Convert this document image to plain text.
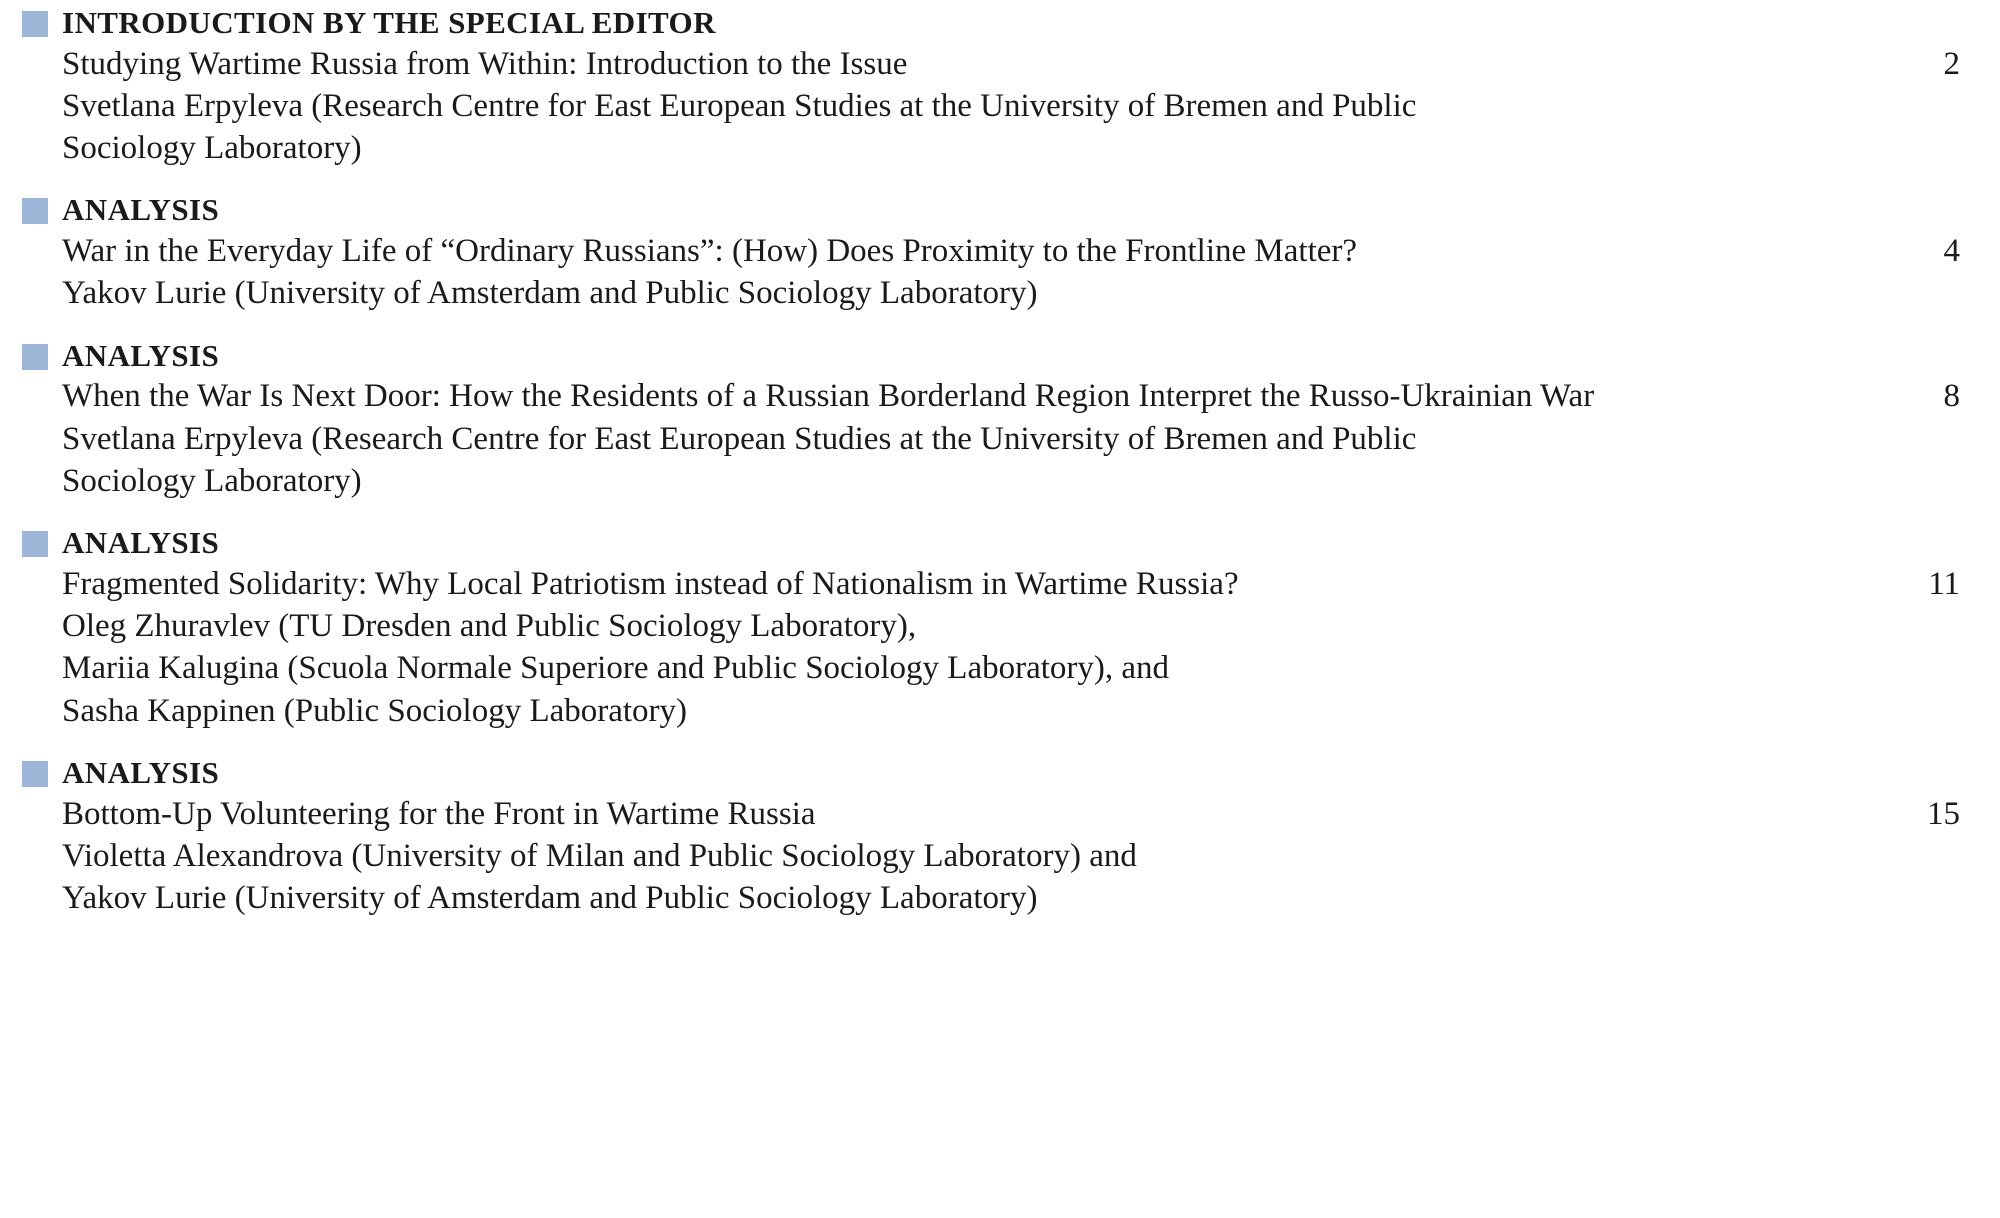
INTRODUCTION BY THE SPECIAL EDITOR
Studying Wartime Russia from Within: Introduction to the Issue	2
Svetlana Erpyleva (Research Centre for East European Studies at the University of Bremen and Public
Sociology Laboratory)
ANALYSIS
War in the Everyday Life of “Ordinary Russians”: (How) Does Proximity to the Frontline Matter?	4
Yakov Lurie (University of Amsterdam and Public Sociology Laboratory)
ANALYSIS
When the War Is Next Door: How the Residents of a Russian Borderland Region Interpret the Russo-Ukrainian War	8
Svetlana Erpyleva (Research Centre for East European Studies at the University of Bremen and Public
Sociology Laboratory)
ANALYSIS
Fragmented Solidarity: Why Local Patriotism instead of Nationalism in Wartime Russia?	11
Oleg Zhuravlev (TU Dresden and Public Sociology Laboratory),
Mariia Kalugina (Scuola Normale Superiore and Public Sociology Laboratory), and
Sasha Kappinen (Public Sociology Laboratory)
ANALYSIS
Bottom-Up Volunteering for the Front in Wartime Russia	15
Violetta Alexandrova (University of Milan and Public Sociology Laboratory) and
Yakov Lurie (University of Amsterdam and Public Sociology Laboratory)
